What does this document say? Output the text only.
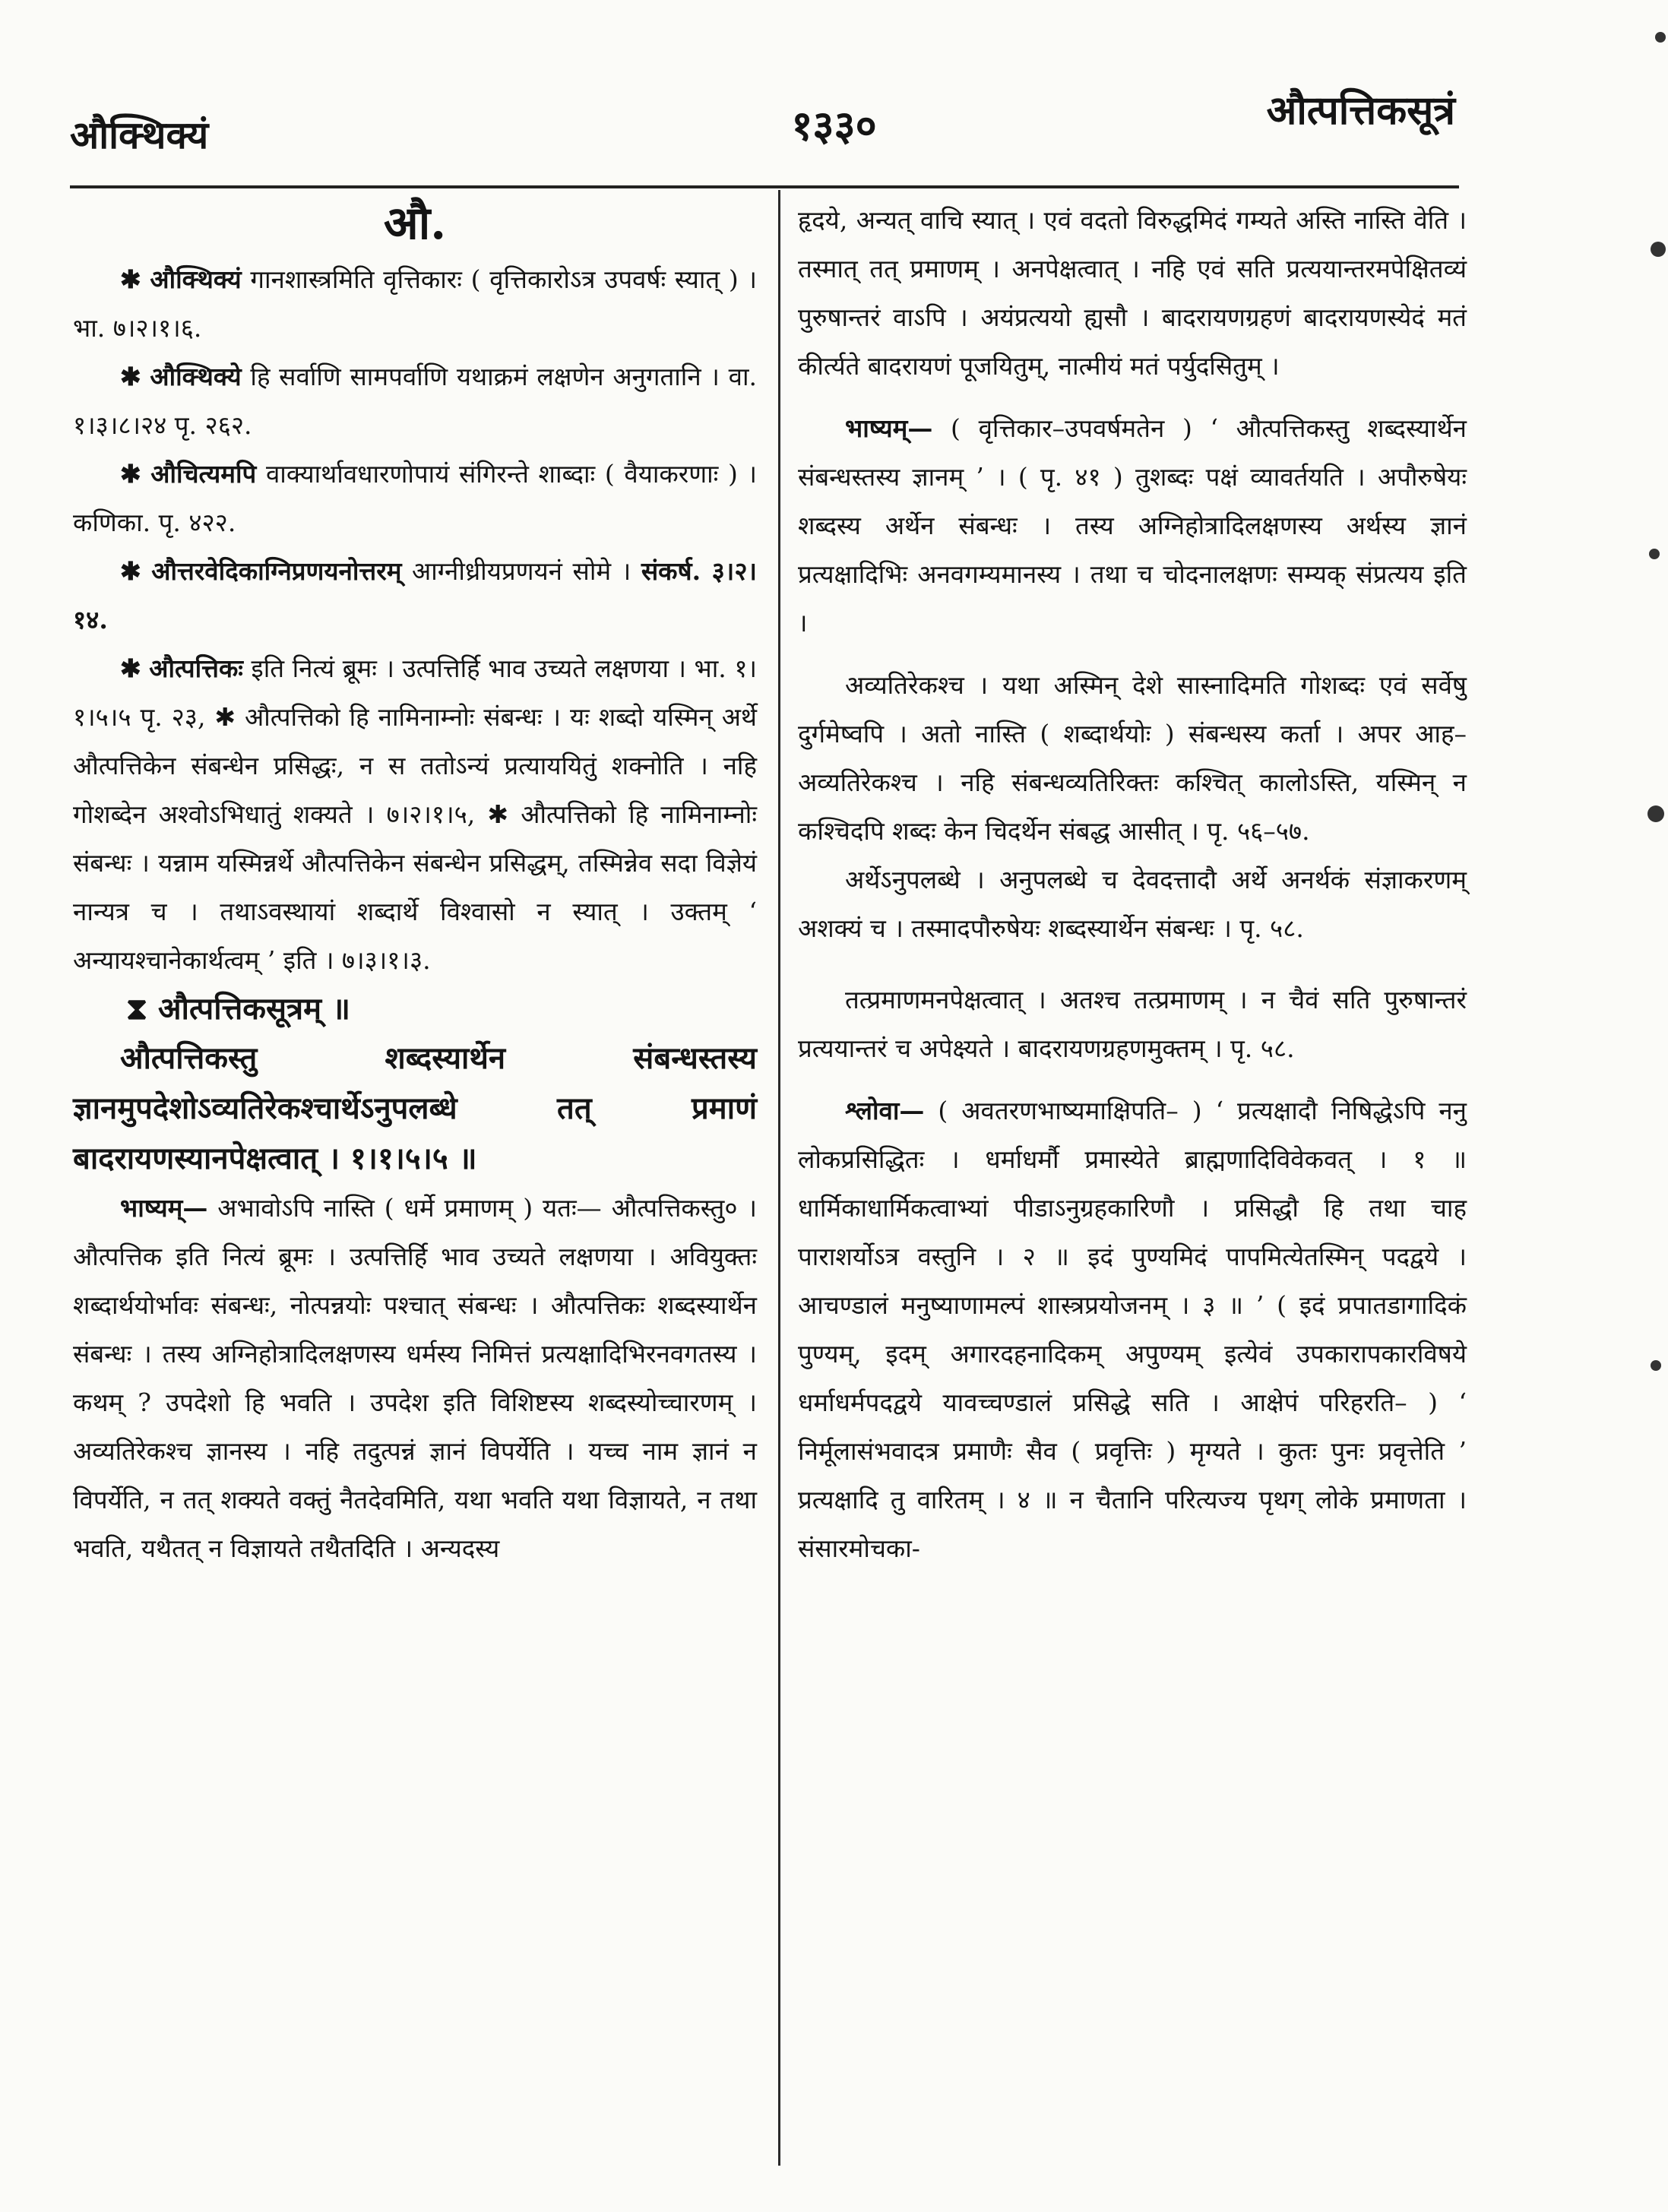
औक्थिक्यं	१३३०	औत्पत्तिकसूत्रं
औ.

✱ औक्थिक्यं गानशास्त्रमिति वृत्तिकारः ( वृत्तिकारोऽत्र उपवर्षः स्यात् ) । भा. ७।२।१।६.

✱ औक्थिक्ये हि सर्वाणि सामपर्वाणि यथाक्रमं लक्षणेन अनुगतानि । वा. १।३।८।२४ पृ. २६२.

✱ औचित्यमपि वाक्यार्थावधारणोपायं संगिरन्ते शाब्दाः ( वैयाकरणाः ) । कणिका. पृ. ४२२.

✱ औत्तरवेदिकाग्निप्रणयनोत्तरम् आग्नीध्रीयप्रणयनं सोमे । संकर्ष. ३।२।१४.

✱ औत्पत्तिकः इति नित्यं ब्रूमः । उत्पत्तिर्हि भाव उच्यते लक्षणया । भा. १।१।५।५ पृ. २३, ✱ औत्पत्तिको हि नामिनाम्नोः संबन्धः । यः शब्दो यस्मिन् अर्थे औत्पत्तिकेन संबन्धेन प्रसिद्धः, न स ततोऽन्यं प्रत्याययितुं शक्नोति । नहि गोशब्देन अश्वोऽभिधातुं शक्यते । ७।२।१।५, ✱ औत्पत्तिको हि नामिनाम्नोः संबन्धः । यन्नाम यस्मिन्नर्थे औत्पत्तिकेन संबन्धेन प्रसिद्धम्, तस्मिन्नेव सदा विज्ञेयं नान्यत्र च । तथाऽवस्थायां शब्दार्थे विश्वासो न स्यात् । उक्तम् ‘ अन्यायश्चानेकार्थत्वम् ’ इति । ७।३।१।३.

⧗ औत्पत्तिकसूत्रम् ॥

औत्पत्तिकस्तु शब्दस्यार्थेन संबन्धस्तस्य ज्ञानमुपदेशोऽव्यतिरेकश्चार्थेऽनुपलब्धे तत् प्रमाणं बादरायणस्यानपेक्षत्वात् । १।१।५।५ ॥

भाष्यम्— अभावोऽपि नास्ति ( धर्मे प्रमाणम् ) यतः— औत्पत्तिकस्तु० । औत्पत्तिक इति नित्यं ब्रूमः । उत्पत्तिर्हि भाव उच्यते लक्षणया । अवियुक्तः शब्दार्थयोर्भावः संबन्धः, नोत्पन्नयोः पश्चात् संबन्धः । औत्पत्तिकः शब्दस्यार्थेन संबन्धः । तस्य अग्निहोत्रादिलक्षणस्य धर्मस्य निमित्तं प्रत्यक्षादिभिरनवगतस्य । कथम् ? उपदेशो हि भवति । उपदेश इति विशिष्टस्य शब्दस्योच्चारणम् । अव्यतिरेकश्च ज्ञानस्य । नहि तदुत्पन्नं ज्ञानं विपर्येति । यच्च नाम ज्ञानं न विपर्येति, न तत् शक्यते वक्तुं नैतदेवमिति, यथा भवति यथा विज्ञायते, न तथा भवति, यथैतत् न विज्ञायते तथैतदिति । अन्यदस्य

हृदये, अन्यत् वाचि स्यात् । एवं वदतो विरुद्धमिदं गम्यते अस्ति नास्ति वेति । तस्मात् तत् प्रमाणम् । अनपेक्षत्वात् । नहि एवं सति प्रत्ययान्तरमपेक्षितव्यं पुरुषान्तरं वाऽपि । अयंप्रत्ययो ह्यसौ । बादरायणग्रहणं बादरायणस्येदं मतं कीर्त्यते बादरायणं पूजयितुम्, नात्मीयं मतं पर्युदसितुम् ।

भाष्यम्— ( वृत्तिकार–उपवर्षमतेन ) ‘ औत्पत्तिकस्तु शब्दस्यार्थेन संबन्धस्तस्य ज्ञानम् ’ । ( पृ. ४१ ) तुशब्दः पक्षं व्यावर्तयति । अपौरुषेयः शब्दस्य अर्थेन संबन्धः । तस्य अग्निहोत्रादिलक्षणस्य अर्थस्य ज्ञानं प्रत्यक्षादिभिः अनवगम्यमानस्य । तथा च चोदनालक्षणः सम्यक् संप्रत्यय इति ।

अव्यतिरेकश्च । यथा अस्मिन् देशे सास्नादिमति गोशब्दः एवं सर्वेषु दुर्गमेष्वपि । अतो नास्ति ( शब्दार्थयोः ) संबन्धस्य कर्ता । अपर आह– अव्यतिरेकश्च । नहि संबन्धव्यतिरिक्तः कश्चित् कालोऽस्ति, यस्मिन् न कश्चिदपि शब्दः केन चिदर्थेन संबद्ध आसीत् । पृ. ५६–५७.

अर्थेऽनुपलब्धे । अनुपलब्धे च देवदत्तादौ अर्थे अनर्थकं संज्ञाकरणम् अशक्यं च । तस्मादपौरुषेयः शब्दस्यार्थेन संबन्धः । पृ. ५८.

तत्प्रमाणमनपेक्षत्वात् । अतश्च तत्प्रमाणम् । न चैवं सति पुरुषान्तरं प्रत्ययान्तरं च अपेक्ष्यते । बादरायणग्रहणमुक्तम् । पृ. ५८.

श्लोवा— ( अवतरणभाष्यमाक्षिपति– ) ‘ प्रत्यक्षादौ निषिद्धेऽपि ननु लोकप्रसिद्धितः । धर्माधर्मौ प्रमास्येते ब्राह्मणादिविवेकवत् । १ ॥ धार्मिकाधार्मिकत्वाभ्यां पीडाऽनुग्रहकारिणौ । प्रसिद्धौ हि तथा चाह पाराशर्योऽत्र वस्तुनि । २ ॥ इदं पुण्यमिदं पापमित्येतस्मिन् पदद्वये । आचण्डालं मनुष्याणामल्पं शास्त्रप्रयोजनम् । ३ ॥ ’ ( इदं प्रपातडागादिकं पुण्यम्, इदम् अगारदहनादिकम् अपुण्यम् इत्येवं उपकारापकारविषये धर्माधर्मपदद्वये यावच्चण्डालं प्रसिद्धे सति । आक्षेपं परिहरति– ) ‘ निर्मूलासंभवादत्र प्रमाणैः सैव ( प्रवृत्तिः ) मृग्यते । कुतः पुनः प्रवृत्तेति ’ प्रत्यक्षादि तु वारितम् । ४ ॥ न चैतानि परित्यज्य पृथग् लोके प्रमाणता । संसारमोचका-
